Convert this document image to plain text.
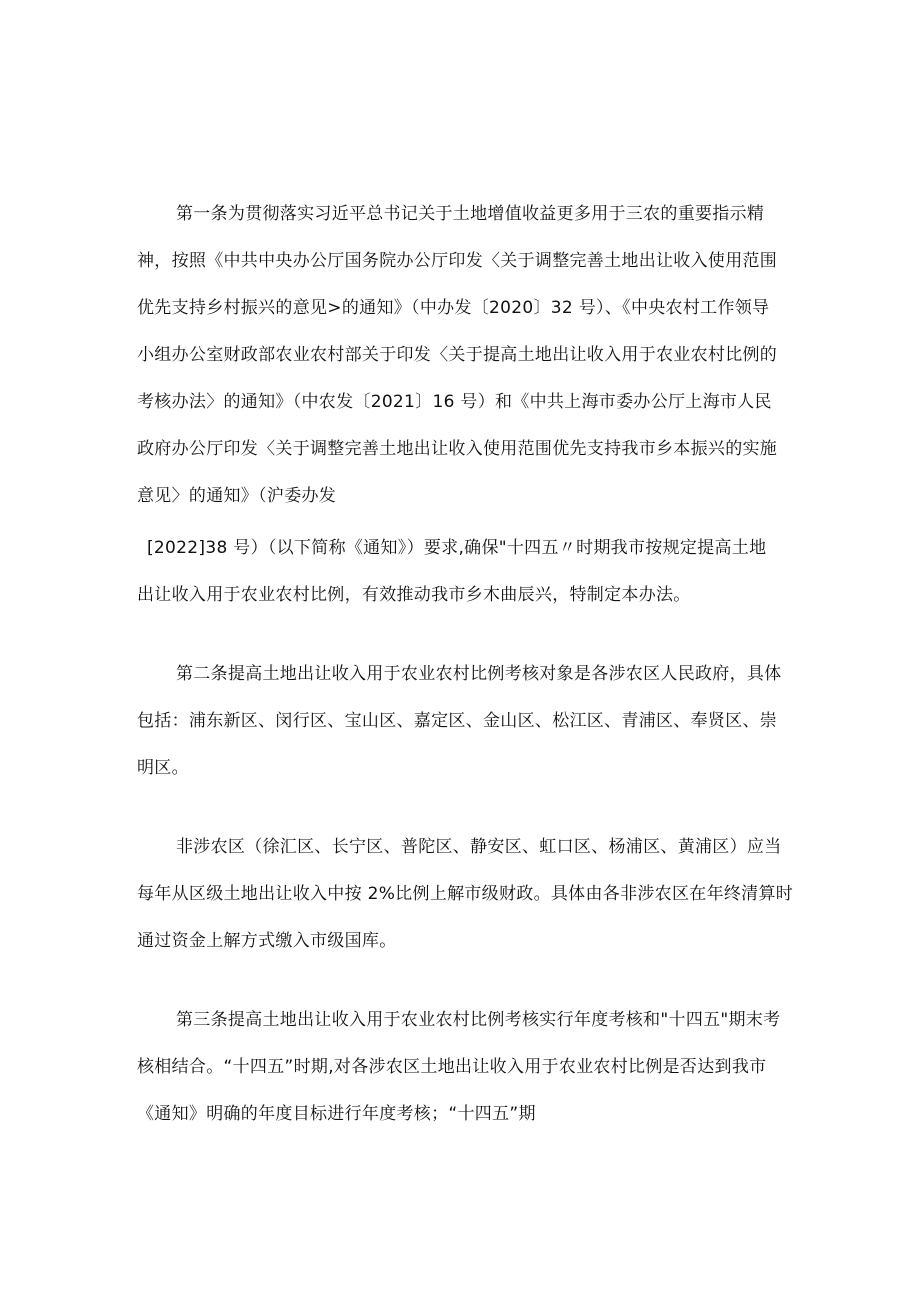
第一条为贯彻落实习近平总书记关于土地增值收益更多用于三农的重要指示精
神，按照《中共中央办公厅国务院办公厅印发〈关于调整完善土地出让收入使用范围
优先支持乡村振兴的意见>的通知》（中办发〔2020〕32 号）、《中央农村工作领导
小组办公室财政部农业农村部关于印发〈关于提高土地出让收入用于农业农村比例的
考核办法〉的通知》（中农发〔2021〕16 号）和《中共上海市委办公厅上海市人民
政府办公厅印发〈关于调整完善土地出让收入使用范围优先支持我市乡本振兴的实施
意见〉的通知》（沪委办发
[2022]38 号）（以下简称《通知》）要求,确保"十四五〃时期我市按规定提高土地
出让收入用于农业农村比例，有效推动我市乡木曲辰兴，特制定本办法。
第二条提高土地出让收入用于农业农村比例考核对象是各涉农区人民政府，具体
包括：浦东新区、闵行区、宝山区、嘉定区、金山区、松江区、青浦区、奉贤区、崇
明区。
非涉农区（徐汇区、长宁区、普陀区、静安区、虹口区、杨浦区、黄浦区）应当
每年从区级土地出让收入中按 2%比例上解市级财政。具体由各非涉农区在年终清算时
通过资金上解方式缴入市级国库。
第三条提高土地出让收入用于农业农村比例考核实行年度考核和"十四五"期末考
核相结合。“十四五”时期,对各涉农区土地出让收入用于农业农村比例是否达到我市
《通知》明确的年度目标进行年度考核；“十四五”期
